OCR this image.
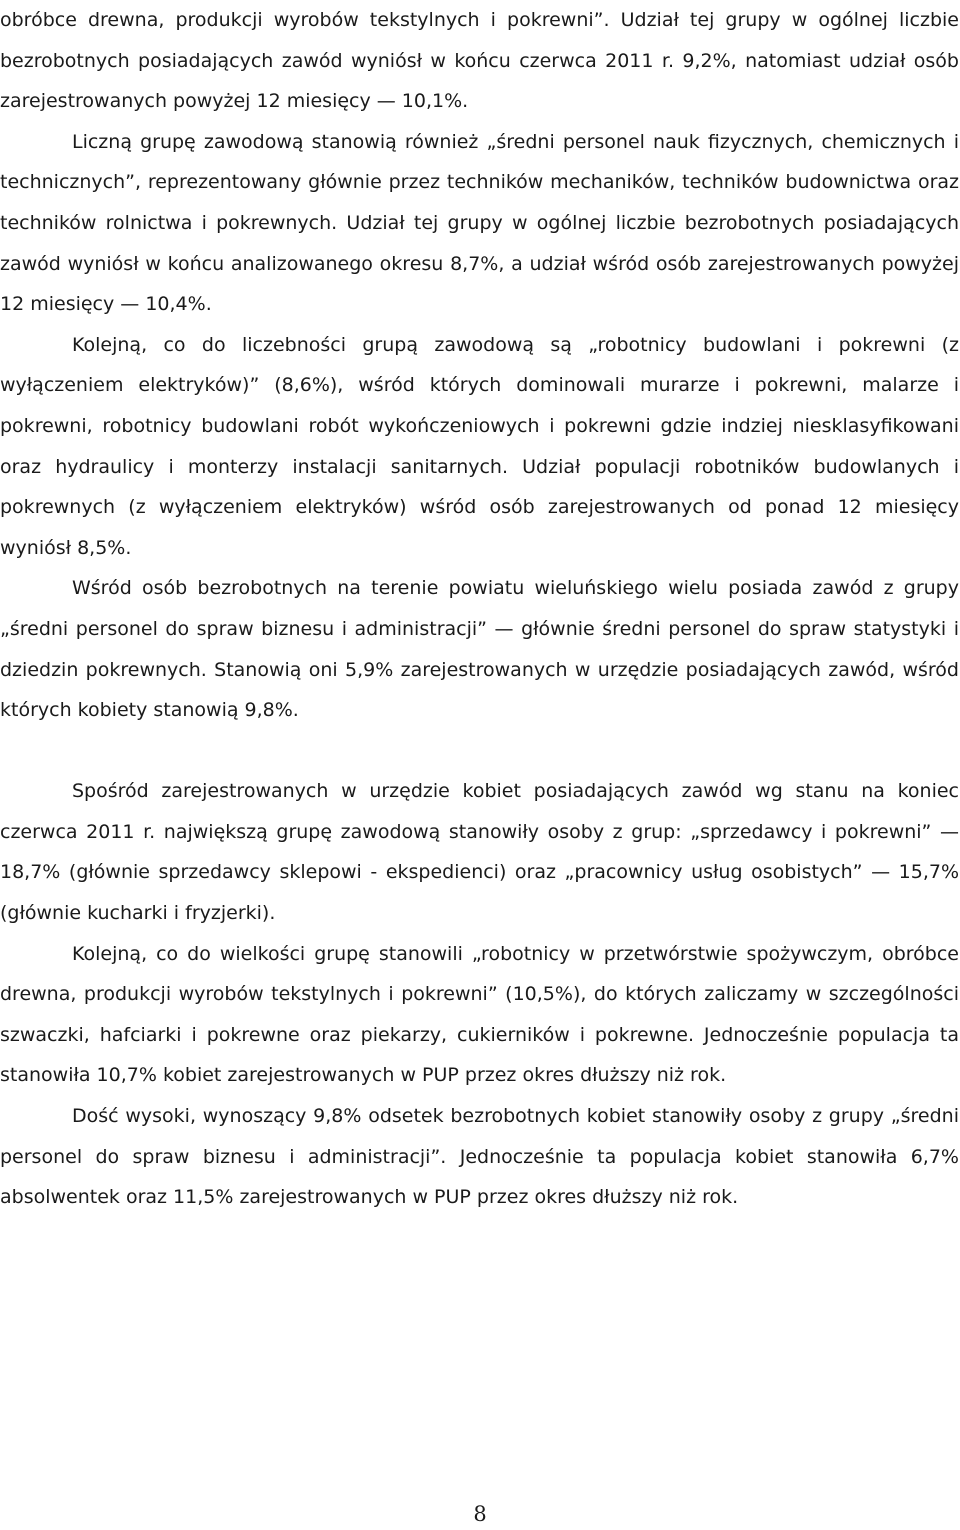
obróbce drewna, produkcji wyrobów tekstylnych i pokrewni”. Udział tej grupy w ogólnej liczbie bezrobotnych posiadających zawód wyniósł w końcu czerwca 2011 r. 9,2%, natomiast udział osób zarejestrowanych powyżej 12 miesięcy — 10,1%.

Liczną grupę zawodową stanowią również „średni personel nauk fizycznych, chemicznych i technicznych”, reprezentowany głównie przez techników mechaników, techników budownictwa oraz techników rolnictwa i pokrewnych. Udział tej grupy w ogólnej liczbie bezrobotnych posiadających zawód wyniósł w końcu analizowanego okresu 8,7%, a udział wśród osób zarejestrowanych powyżej 12 miesięcy — 10,4%.

Kolejną, co do liczebności grupą zawodową są „robotnicy budowlani i pokrewni (z wyłączeniem elektryków)” (8,6%), wśród których dominowali murarze i pokrewni, malarze i pokrewni, robotnicy budowlani robót wykończeniowych i pokrewni gdzie indziej niesklasyfikowani oraz hydraulicy i monterzy instalacji sanitarnych. Udział populacji robotników budowlanych i pokrewnych (z wyłączeniem elektryków) wśród osób zarejestrowanych od ponad 12 miesięcy wyniósł 8,5%.

Wśród osób bezrobotnych na terenie powiatu wieluńskiego wielu posiada zawód z grupy „średni personel do spraw biznesu i administracji” — głównie średni personel do spraw statystyki i dziedzin pokrewnych. Stanowią oni 5,9% zarejestrowanych w urzędzie posiadających zawód, wśród których kobiety stanowią 9,8%.

Spośród zarejestrowanych w urzędzie kobiet posiadających zawód wg stanu na koniec czerwca 2011 r. największą grupę zawodową stanowiły osoby z grup: „sprzedawcy i pokrewni” — 18,7% (głównie sprzedawcy sklepowi - ekspedienci) oraz „pracownicy usług osobistych” — 15,7% (głównie kucharki i fryzjerki).

Kolejną, co do wielkości grupę stanowili „robotnicy w przetwórstwie spożywczym, obróbce drewna, produkcji wyrobów tekstylnych i pokrewni” (10,5%), do których zaliczamy w szczególności szwaczki, hafciarki i pokrewne oraz piekarzy, cukierników i pokrewne. Jednocześnie populacja ta stanowiła 10,7% kobiet zarejestrowanych w PUP przez okres dłuższy niż rok.

Dość wysoki, wynoszący 9,8% odsetek bezrobotnych kobiet stanowiły osoby z grupy „średni personel do spraw biznesu i administracji”. Jednocześnie ta populacja kobiet stanowiła 6,7% absolwentek oraz 11,5% zarejestrowanych w PUP przez okres dłuższy niż rok.

8
